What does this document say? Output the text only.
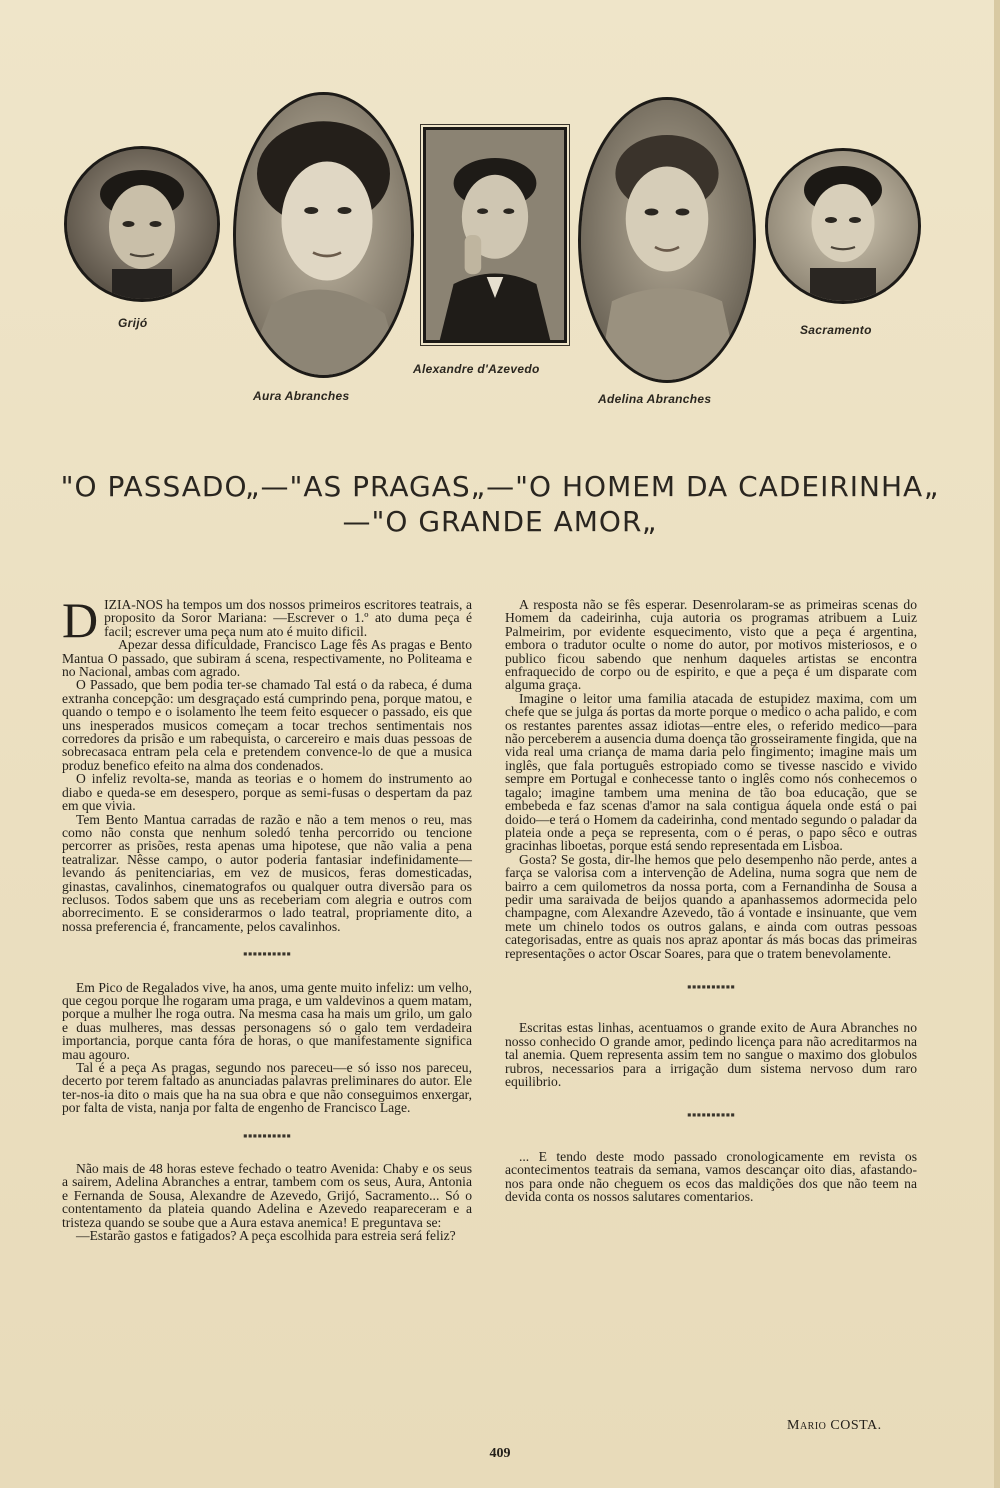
Grijó
Aura Abranches
Alexandre d'Azevedo
Adelina Abranches
Sacramento
"O PASSADO„—"AS PRAGAS„—"O HOMEM DA CADEIRINHA„
—"O GRANDE AMOR„

DIZIA-NOS ha tempos um dos nossos primeiros escritores teatrais, a proposito da Soror Mariana: —Escrever o 1.º ato duma peça é facil; escrever uma peça num ato é muito dificil.

Apezar dessa dificuldade, Francisco Lage fês As pragas e Bento Mantua O passado, que subiram á scena, respectivamente, no Politeama e no Nacional, ambas com agrado.

O Passado, que bem podia ter-se chamado Tal está o da rabeca, é duma extranha concepção: um desgraçado está cumprindo pena, porque matou, e quando o tempo e o isolamento lhe teem feito esquecer o passado, eis que uns inesperados musicos começam a tocar trechos sentimentais nos corredores da prisão e um rabequista, o carcereiro e mais duas pessoas de sobrecasaca entram pela cela e pretendem convence-lo de que a musica produz benefico efeito na alma dos condenados.

O infeliz revolta-se, manda as teorias e o homem do instrumento ao diabo e queda-se em desespero, porque as semi-fusas o despertam da paz em que vivia.

Tem Bento Mantua carradas de razão e não a tem menos o reu, mas como não consta que nenhum soledó tenha percorrido ou tencione percorrer as prisões, resta apenas uma hipotese, que não valia a pena teatralizar. Nêsse campo, o autor poderia fantasiar indefinidamente—levando ás penitenciarias, em vez de musicos, feras domesticadas, ginastas, cavalinhos, cinematografos ou qualquer outra diversão para os reclusos. Todos sabem que uns as receberiam com alegria e outros com aborrecimento. E se considerarmos o lado teatral, propriamente dito, a nossa preferencia é, francamente, pelos cavalinhos.

▪▪▪▪▪▪▪▪▪▪

Em Pico de Regalados vive, ha anos, uma gente muito infeliz: um velho, que cegou porque lhe rogaram uma praga, e um valdevinos a quem matam, porque a mulher lhe roga outra. Na mesma casa ha mais um grilo, um galo e duas mulheres, mas dessas personagens só o galo tem verdadeira importancia, porque canta fóra de horas, o que manifestamente significa mau agouro.

Tal é a peça As pragas, segundo nos pareceu—e só isso nos pareceu, decerto por terem faltado as anunciadas palavras preliminares do autor. Ele ter-nos-ia dito o mais que ha na sua obra e que não conseguimos enxergar, por falta de vista, nanja por falta de engenho de Francisco Lage.

▪▪▪▪▪▪▪▪▪▪

Não mais de 48 horas esteve fechado o teatro Avenida: Chaby e os seus a sairem, Adelina Abranches a entrar, tambem com os seus, Aura, Antonia e Fernanda de Sousa, Alexandre de Azevedo, Grijó, Sacramento... Só o contentamento da plateia quando Adelina e Azevedo reapareceram e a tristeza quando se soube que a Aura estava anemica! E preguntava se:

—Estarão gastos e fatigados? A peça escolhida para estreia será feliz?

A resposta não se fês esperar. Desenrolaram-se as primeiras scenas do Homem da cadeirinha, cuja autoria os programas atribuem a Luiz Palmeirim, por evidente esquecimento, visto que a peça é argentina, embora o tradutor oculte o nome do autor, por motivos misteriosos, e o publico ficou sabendo que nenhum daqueles artistas se encontra enfraquecido de corpo ou de espirito, e que a peça é um disparate com alguma graça.

Imagine o leitor uma familia atacada de estupidez maxima, com um chefe que se julga ás portas da morte porque o medico o acha palido, e com os restantes parentes assaz idiotas—entre eles, o referido medico—para não perceberem a ausencia duma doença tão grosseiramente fingida, que na vida real uma criança de mama daria pelo fingimento; imagine mais um inglês, que fala português estropiado como se tivesse nascido e vivido sempre em Portugal e conhecesse tanto o inglês como nós conhecemos o tagalo; imagine tambem uma menina de tão boa educação, que se embebeda e faz scenas d'amor na sala contigua áquela onde está o pai doido—e terá o Homem da cadeirinha, cond mentado segundo o paladar da plateia onde a peça se representa, com o é peras, o papo sêco e outras gracinhas liboetas, porque está sendo representada em Lisboa.

Gosta? Se gosta, dir-lhe hemos que pelo desempenho não perde, antes a farça se valorisa com a intervenção de Adelina, numa sogra que nem de bairro a cem quilometros da nossa porta, com a Fernandinha de Sousa a pedir uma saraivada de beijos quando a apanhassemos adormecida pelo champagne, com Alexandre Azevedo, tão á vontade e insinuante, que vem mete um chinelo todos os outros galans, e ainda com outras pessoas categorisadas, entre as quais nos apraz apontar ás más bocas das primeiras representações o actor Oscar Soares, para que o tratem benevolamente.

▪▪▪▪▪▪▪▪▪▪

Escritas estas linhas, acentuamos o grande exito de Aura Abranches no nosso conhecido O grande amor, pedindo licença para não acreditarmos na tal anemia. Quem representa assim tem no sangue o maximo dos globulos rubros, necessarios para a irrigação dum sistema nervoso dum raro equilibrio.

▪▪▪▪▪▪▪▪▪▪

... E tendo deste modo passado cronologicamente em revista os acontecimentos teatrais da semana, vamos descançar oito dias, afastando-nos para onde não cheguem os ecos das maldições dos que não teem na devida conta os nossos salutares comentarios.

Mario COSTA.
409
